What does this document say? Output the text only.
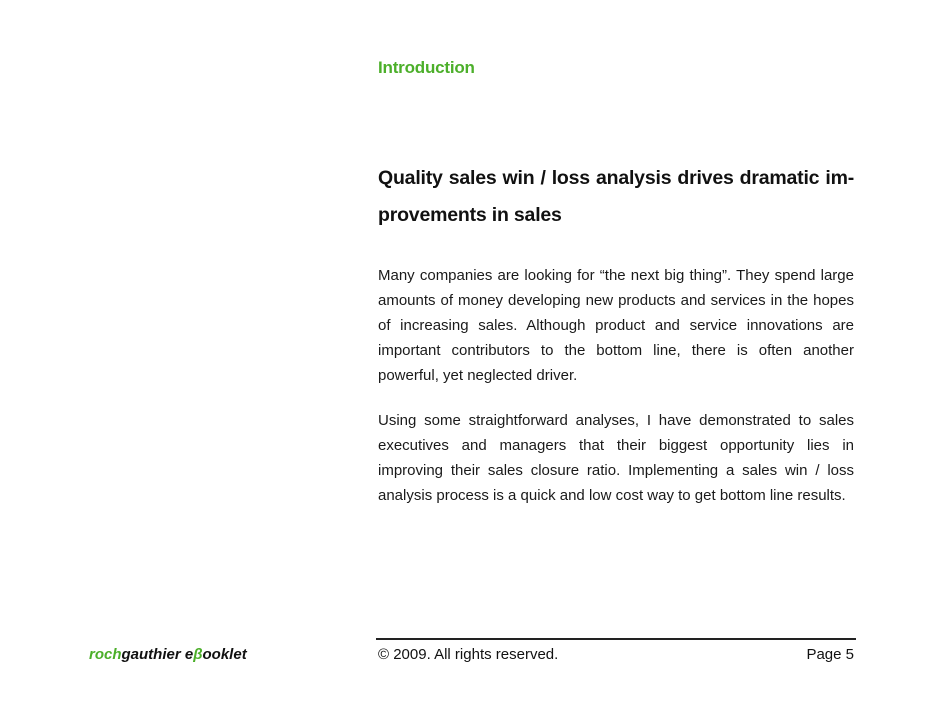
Introduction
Quality sales win / loss analysis drives dramatic im-provements in sales

Many companies are looking for “the next big thing”. They spend large amounts of money developing new products and services in the hopes of increasing sales. Although product and service innovations are important contributors to the bottom line, there is often another powerful, yet neglected driver.

Using some straightforward analyses, I have demonstrated to sales executives and managers that their biggest opportunity lies in improving their sales closure ratio. Implementing a sales win / loss analysis process is a quick and low cost way to get bottom line results.

rochgauthier eβooklet	© 2009. All rights reserved.	Page 5
